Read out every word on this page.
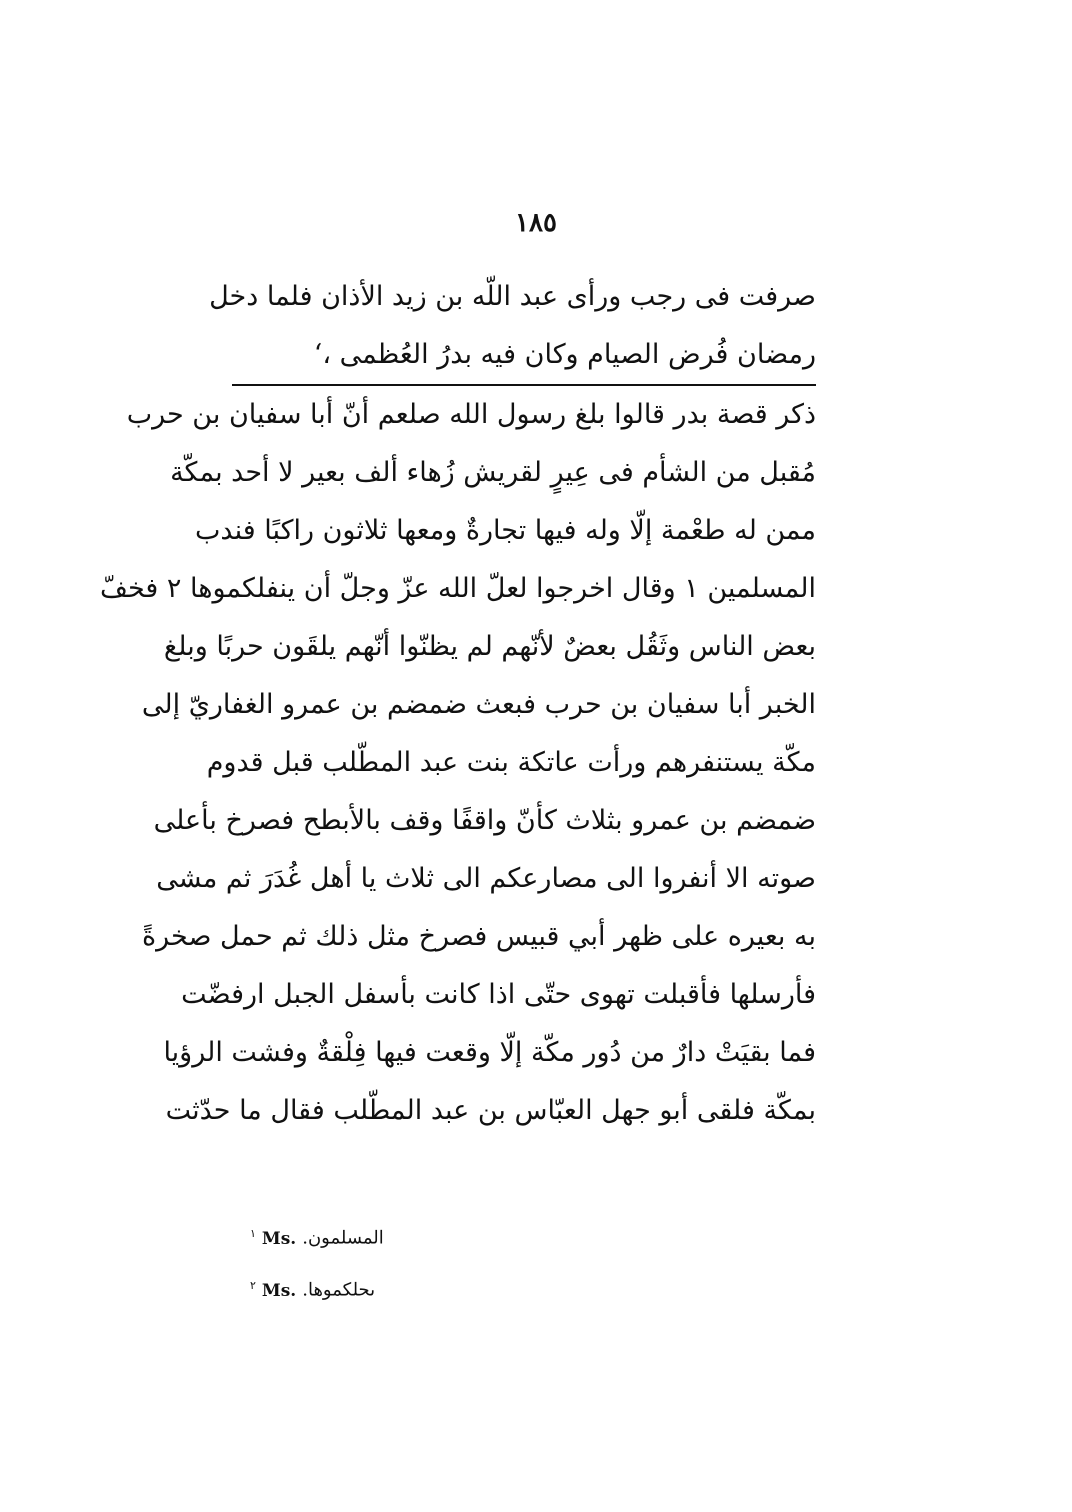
١٨٥
صرفت فى رجب ورأى عبد اللّه بن زيد الأذان فلما دخل
رمضان فُرض الصيام وكان فيه بدرُ العُظمى ،‘
ذكر قصة بدر قالوا بلغ رسول الله صلعم أنّ أبا سفيان بن حرب
مُقبل من الشأم فى عِيرٍ لقريش زُهاء ألف بعير لا أحد بمكّة
ممن له طعْمة إلّا وله فيها تجارةٌ ومعها ثلاثون راكبًا فندب
المسلمين ١ وقال اخرجوا لعلّ الله عزّ وجلّ أن ينفلكموها ٢ فخفّ
بعض الناس وثَقُل بعضٌ لأنّهم لم يظنّوا أنّهم يلقَون حربًا وبلغ
الخبر أبا سفيان بن حرب فبعث ضمضم بن عمرو الغفاريّ إلى
مكّة يستنفرهم ورأت عاتكة بنت عبد المطّلب قبل قدوم
ضمضم بن عمرو بثلاث كأنّ واقفًا وقف بالأبطح فصرخ بأعلى
صوته الا أنفروا الى مصارعكم الى ثلاث يا أهل غُدَرَ ثم مشى
به بعيره على ظهر أبي قبيس فصرخ مثل ذلك ثم حمل صخرةً
فأرسلها فأقبلت تهوى حتّى اذا كانت بأسفل الجبل ارفضّت
فما بقيَتْ دارٌ من دُور مكّة إلّا وقعت فيها فِلْقةٌ وفشت الرؤيا
بمكّة فلقى أبو جهل العبّاس بن عبد المطّلب فقال ما حدّثت
$^١$ Ms. المسلمون.
$^٢$ Ms. ىحلكموها.
